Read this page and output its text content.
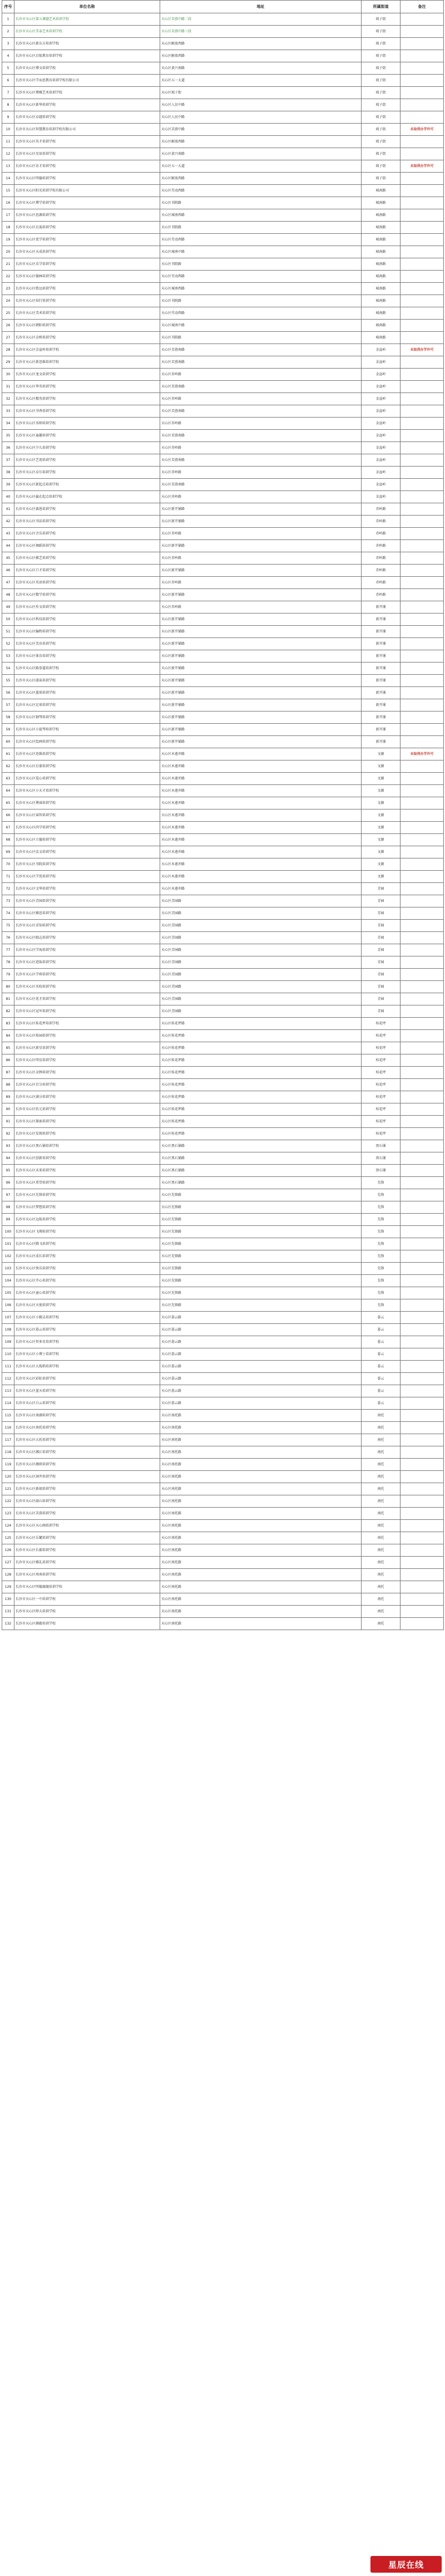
序号	单位名称	地址	所属街道	备注
1	长沙市天心区第五课题艺术培训学校	天心区芙蓉中路二段	坡子街	
2	长沙市天心区美泰艺术培训学校	天心区芙蓉中路三段	坡子街	
3	长沙市天心区新东方培训学校	天心区解放西路	坡子街	
4	长沙市天心区启航教育培训学校	天心区解放西路	坡子街	
5	长沙市天心区博文培训学校	天心区黄兴南路	坡子街	
6	长沙市天心区学而思教育培训学校有限公司	天心区五一大道	坡子街	
7	长沙市天心区博雅艺术培训学校	天心区坡子街	坡子街	
8	长沙市天心区新华培训学校	天心区人民中路	坡子街	
9	长沙市天心区卓越培训学校	天心区人民中路	坡子街	
10	长沙市天心区智慧教育培训学校有限公司	天心区芙蓉中路	坡子街	未取得办学许可
11	长沙市天心区英才培训学校	天心区解放西路	坡子街	
12	长沙市天心区星辰培训学校	天心区黄兴南路	坡子街	
13	长沙市天心区育才培训学校	天心区五一大道	坡子街	未取得办学许可
14	长沙市天心区明德培训学校	天心区解放西路	坡子街	
15	长沙市天心区阳光培训学校有限公司	天心区劳动西路	城南路	
16	长沙市天心区博学培训学校	天心区书院路	城南路	
17	长沙市天心区思源培训学校	天心区城南西路	城南路	
18	长沙市天心区启迪培训学校	天心区书院路	城南路	
19	长沙市天心区优学培训学校	天心区劳动西路	城南路	
20	长沙市天心区天成培训学校	天心区城南中路	城南路	
21	长沙市天心区乐学培训学校	天心区书院路	城南路	
22	长沙市天心区翰林培训学校	天心区劳动西路	城南路	
23	长沙市天心区致远培训学校	天心区城南西路	城南路	
24	长沙市天心区知行培训学校	天心区书院路	城南路	
25	长沙市天心区美术培训学校	天心区劳动西路	城南路	
26	长沙市天心区朝阳培训学校	天心区城南中路	城南路	
27	长沙市天心区金桥培训学校	天心区书院路	城南路	
28	长沙市天心区金盆岭培训学校	天心区芙蓉南路	金盆岭	未取得办学许可
29	长沙市天心区新思维培训学校	天心区芙蓉南路	金盆岭	
30	长沙市天心区龙文培训学校	天心区赤岭路	金盆岭	
31	长沙市天心区华英培训学校	天心区芙蓉南路	金盆岭	
32	长沙市天心区精英培训学校	天心区赤岭路	金盆岭	
33	长沙市天心区书香培训学校	天心区芙蓉南路	金盆岭	
34	长沙市天心区名师培训学校	天心区赤岭路	金盆岭	
35	长沙市天心区童趣培训学校	天心区芙蓉南路	金盆岭	
36	长沙市天心区少儿培训学校	天心区赤岭路	金盆岭	
37	长沙市天心区艺苑培训学校	天心区芙蓉南路	金盆岭	
38	长沙市天心区卓尔培训学校	天心区赤岭路	金盆岭	
39	长沙市天心区新起点培训学校	天心区芙蓉南路	金盆岭	
40	长沙市天心区赢在起点培训学校	天心区赤岭路	金盆岭	
41	长沙市天心区赛恩培训学校	天心区新开铺路	赤岭路	
42	长沙市天心区书法培训学校	天心区新开铺路	赤岭路	
43	长沙市天心区音乐培训学校	天心区赤岭路	赤岭路	
44	长沙市天心区舞蹈培训学校	天心区新开铺路	赤岭路	
45	长沙市天心区棋艺培训学校	天心区赤岭路	赤岭路	
46	长沙市天心区口才培训学校	天心区新开铺路	赤岭路	
47	长沙市天心区英语培训学校	天心区赤岭路	赤岭路	
48	长沙市天心区数学培训学校	天心区新开铺路	赤岭路	
49	长沙市天心区作文培训学校	天心区赤岭路	新开铺	
50	长沙市天心区科技培训学校	天心区新开铺路	新开铺	
51	长沙市天心区编程培训学校	天心区新开铺路	新开铺	
52	长沙市天心区美育培训学校	天心区新开铺路	新开铺	
53	长沙市天心区体育培训学校	天心区新开铺路	新开铺	
54	长沙市天心区跆拳道培训学校	天心区新开铺路	新开铺	
55	长沙市天心区游泳培训学校	天心区新开铺路	新开铺	
56	长沙市天心区篮球培训学校	天心区新开铺路	新开铺	
57	长沙市天心区足球培训学校	天心区新开铺路	新开铺	
58	长沙市天心区钢琴培训学校	天心区新开铺路	新开铺	
59	长沙市天心区小提琴培训学校	天心区新开铺路	新开铺	
60	长沙市天心区绘画培训学校	天心区新开铺路	新开铺	
61	长沙市天心区思维培训学校	天心区木莲冲路	文源	未取得办学许可
62	长沙市天心区启蒙培训学校	天心区木莲冲路	文源	
63	长沙市天心区爱心培训学校	天心区木莲冲路	文源	
64	长沙市天心区小天才培训学校	天心区木莲冲路	文源	
65	长沙市天心区博睿培训学校	天心区木莲冲路	文源	
66	长沙市天心区睿智培训学校	天心区木莲冲路	文源	
67	长沙市天心区尚学培训学校	天心区木莲冲路	文源	
68	长沙市天心区立德培训学校	天心区木莲冲路	文源	
69	长沙市天心区弘文培训学校	天心区木莲冲路	文源	
70	长沙市天心区书院培训学校	天心区木莲冲路	文源	
71	长沙市天心区学优培训学校	天心区木莲冲路	文源	
72	长沙市天心区文华培训学校	天心区木莲冲路	青园	
73	长沙市天心区青园培训学校	天心区青园路	青园	
74	长沙市天心区雅思培训学校	天心区青园路	青园	
75	长沙市天心区求知培训学校	天心区青园路	青园	
76	长沙市天心区励志培训学校	天心区青园路	青园	
77	长沙市天心区学海培训学校	天心区青园路	青园	
78	长沙市天心区进取培训学校	天心区青园路	青园	
79	长沙市天心区学府培训学校	天心区青园路	青园	
80	长沙市天心区名校培训学校	天心区青园路	青园	
81	长沙市天心区优才培训学校	天心区青园路	青园	
82	长沙市天心区冠军培训学校	天心区青园路	青园	
83	长沙市天心区桂花坪培训学校	天心区桂花坪路	桂花坪	
84	长沙市天心区桂园培训学校	天心区桂花坪路	桂花坪	
85	长沙市天心区新星培训学校	天心区桂花坪路	桂花坪	
86	长沙市天心区明星培训学校	天心区桂花坪路	桂花坪	
87	长沙市天心区金牌培训学校	天心区桂花坪路	桂花坪	
88	长沙市天心区百分培训学校	天心区桂花坪路	桂花坪	
89	长沙市天心区满分培训学校	天心区桂花坪路	桂花坪	
90	长沙市天心区状元培训学校	天心区桂花坪路	桂花坪	
91	长沙市天心区探索培训学校	天心区桂花坪路	桂花坪	
92	长沙市天心区发现培训学校	天心区桂花坪路	桂花坪	
93	长沙市天心区黑石铺培训学校	天心区黑石铺路	黑石铺	
94	长沙市天心区创新培训学校	天心区黑石铺路	黑石铺	
95	长沙市天心区未来培训学校	天心区黑石铺路	黑石铺	
96	长沙市天心区希望培训学校	天心区黑石铺路	先锋	
97	长沙市天心区先锋培训学校	天心区先锋路	先锋	
98	长沙市天心区梦想培训学校	天心区先锋路	先锋	
99	长沙市天心区远航培训学校	天心区先锋路	先锋	
100	长沙市天心区飞翔培训学校	天心区先锋路	先锋	
101	长沙市天心区腾飞培训学校	天心区先锋路	先锋	
102	长沙市天心区成长培训学校	天心区先锋路	先锋	
103	长沙市天心区快乐培训学校	天心区先锋路	先锋	
104	长沙市天心区开心培训学校	天心区先锋路	先锋	
105	长沙市天心区童心培训学校	天心区先锋路	先锋	
106	长沙市天心区天使培训学校	天心区先锋路	先锋	
107	长沙市天心区小精灵培训学校	天心区暮云路	暮云	
108	长沙市天心区暮云培训学校	天心区暮云路	暮云	
109	长沙市天心区智多星培训学校	天心区暮云路	暮云	
110	长沙市天心区小博士培训学校	天心区暮云路	暮云	
111	长沙市天心区大拇指培训学校	天心区暮云路	暮云	
112	长沙市天心区彩虹培训学校	天心区暮云路	暮云	
113	长沙市天心区蓝天培训学校	天心区暮云路	暮云	
114	长沙市天心区白云培训学校	天心区暮云路	暮云	
115	长沙市天心区南湖培训学校	天心区南托路	南托	
116	长沙市天心区南托培训学校	天心区南托路	南托	
117	长沙市天心区大托培训学校	天心区南托路	南托	
118	长沙市天心区湘江培训学校	天心区南托路	南托	
119	长沙市天心区湘府培训学校	天心区南托路	南托	
120	长沙市天心区洞井培训学校	天心区南托路	南托	
121	长沙市天心区新韶培训学校	天心区南托路	南托	
122	长沙市天心区韶山培训学校	天心区南托路	南托	
123	长沙市天心区芙蓉培训学校	天心区南托路	南托	
124	长沙市天心区天心阁培训学校	天心区南托路	南托	
125	长沙市天心区岳麓培训学校	天心区南托路	南托	
126	长沙市天心区长郡培训学校	天心区南托路	南托	
127	长沙市天心区雅礼培训学校	天心区南托路	南托	
128	长沙市天心区周南培训学校	天心区南托路	南托	
129	长沙市天心区明德旗舰培训学校	天心区南托路	南托	
130	长沙市天心区一中培训学校	天心区南托路	南托	
131	长沙市天心区师大培训学校	天心区南托路	南托	
132	长沙市天心区湘郡培训学校	天心区南托路	南托	
星辰在线
